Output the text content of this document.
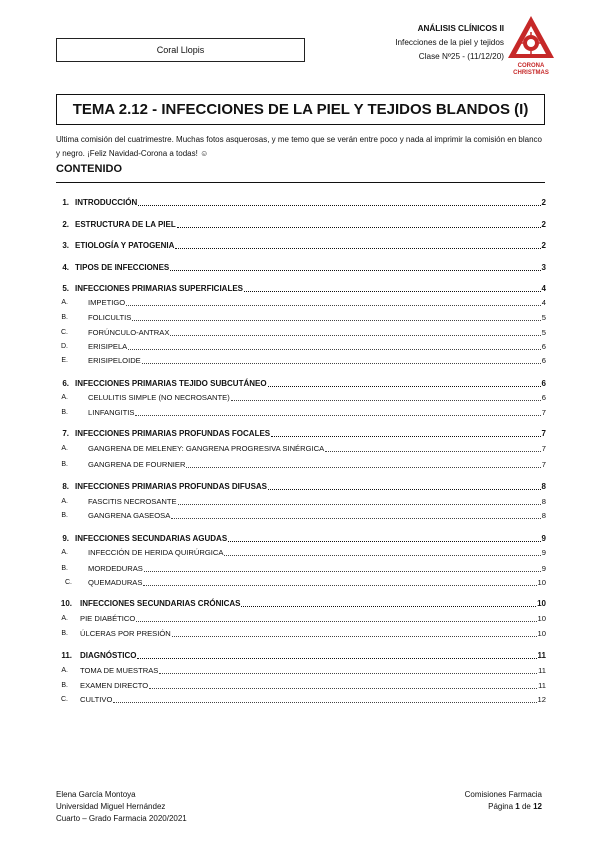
Coral Llopis
ANÁLISIS CLÍNICOS II
Infecciones de la piel y tejidos
Clase Nº25 - (11/12/20)
CORONA
CHRISTMAS
TEMA 2.12 - INFECCIONES DE LA PIEL Y TEJIDOS BLANDOS (I)
Ultima comisión del cuatrimestre. Muchas fotos asquerosas, y me temo que se verán entre poco y nada al imprimir la comisión en blanco y negro. ¡Feliz Navidad-Corona a todas! ☺
CONTENIDO
1. INTRODUCCIÓN	2
2. ESTRUCTURA DE LA PIEL	2
3. ETIOLOGÍA Y PATOGENIA	2
4. TIPOS DE INFECCIONES	3
5. INFECCIONES PRIMARIAS SUPERFICIALES	4
A.	IMPETIGO	4
B.	FOLICULTIS	5
C.	FORÚNCULO-ANTRAX	5
D.	ERISIPELA	6
E.	ERISIPELOIDE	6
6. INFECCIONES PRIMARIAS TEJIDO SUBCUTÁNEO	6
A.	CELULITIS SIMPLE (NO NECROSANTE)	6
B.	LINFANGITIS	7
7. INFECCIONES PRIMARIAS PROFUNDAS FOCALES	7
A.	GANGRENA DE MELENEY: GANGRENA PROGRESIVA SINÉRGICA	7
B.	GANGRENA DE FOURNIER	7
8. INFECCIONES PRIMARIAS PROFUNDAS DIFUSAS	8
A.	FASCITIS NECROSANTE	8
B.	GANGRENA GASEOSA	8
9. INFECCIONES SECUNDARIAS AGUDAS	9
A.	INFECCIÓN DE HERIDA QUIRÚRGICA	9
B.	MORDEDURAS	9
C. QUEMADURAS	10
10. INFECCIONES SECUNDARIAS CRÓNICAS	10
A. PIE DIABÉTICO	10
B. ÚLCERAS POR PRESIÓN	10
11. DIAGNÓSTICO	11
A. TOMA DE MUESTRAS	11
B. EXAMEN DIRECTO	11
C. CULTIVO	12
Elena García Montoya
Universidad Miguel Hernández
Cuarto – Grado Farmacia 2020/2021
Comisiones Farmacia
Página 1 de 12
